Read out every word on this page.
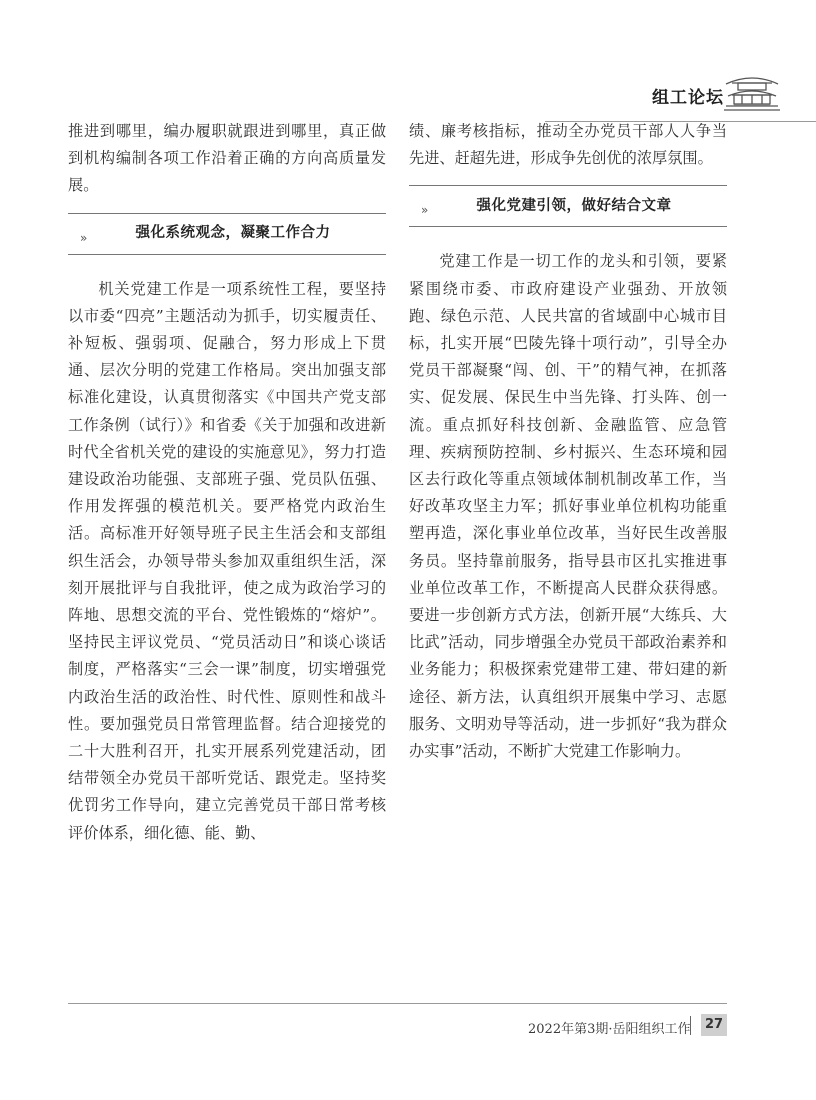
组工论坛

推进到哪里，编办履职就跟进到哪里，真正做到机构编制各项工作沿着正确的方向高质量发展。

»	强化系统观念，凝聚工作合力

机关党建工作是一项系统性工程，要坚持以市委“四亮”主题活动为抓手，切实履责任、补短板、强弱项、促融合，努力形成上下贯通、层次分明的党建工作格局。突出加强支部标准化建设，认真贯彻落实《中国共产党支部工作条例（试行）》和省委《关于加强和改进新时代全省机关党的建设的实施意见》，努力打造建设政治功能强、支部班子强、党员队伍强、作用发挥强的模范机关。要严格党内政治生活。高标准开好领导班子民主生活会和支部组织生活会，办领导带头参加双重组织生活，深刻开展批评与自我批评，使之成为政治学习的阵地、思想交流的平台、党性锻炼的“熔炉”。坚持民主评议党员、“党员活动日”和谈心谈话制度，严格落实“三会一课”制度，切实增强党内政治生活的政治性、时代性、原则性和战斗性。要加强党员日常管理监督。结合迎接党的二十大胜利召开，扎实开展系列党建活动，团结带领全办党员干部听党话、跟党走。坚持奖优罚劣工作导向，建立完善党员干部日常考核评价体系，细化德、能、勤、

绩、廉考核指标，推动全办党员干部人人争当先进、赶超先进，形成争先创优的浓厚氛围。

»	强化党建引领，做好结合文章

党建工作是一切工作的龙头和引领，要紧紧围绕市委、市政府建设产业强劲、开放领跑、绿色示范、人民共富的省域副中心城市目标，扎实开展“巴陵先锋十项行动”，引导全办党员干部凝聚“闯、创、干”的精气神，在抓落实、促发展、保民生中当先锋、打头阵、创一流。重点抓好科技创新、金融监管、应急管理、疾病预防控制、乡村振兴、生态环境和园区去行政化等重点领域体制机制改革工作，当好改革攻坚主力军；抓好事业单位机构功能重塑再造，深化事业单位改革，当好民生改善服务员。坚持靠前服务，指导县市区扎实推进事业单位改革工作，不断提高人民群众获得感。要进一步创新方式方法，创新开展“大练兵、大比武”活动，同步增强全办党员干部政治素养和业务能力；积极探索党建带工建、带妇建的新途径、新方法，认真组织开展集中学习、志愿服务、文明劝导等活动，进一步抓好“我为群众办实事”活动，不断扩大党建工作影响力。

2022年第3期·岳阳组织工作	27
